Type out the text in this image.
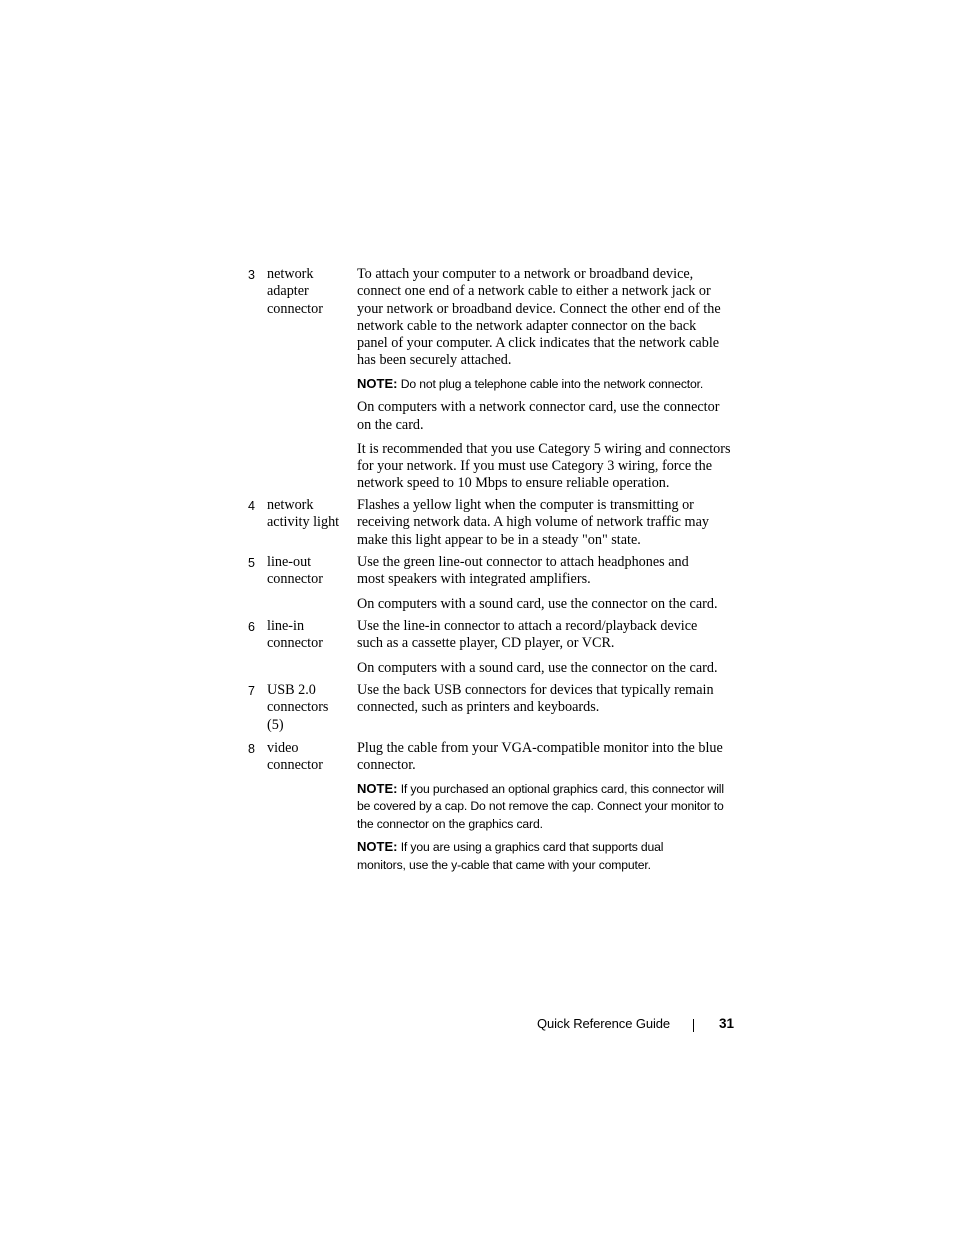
3 network
adapter
connector

To attach your computer to a network or broadband device, connect one end of a network cable to either a network jack or your network or broadband device. Connect the other end of the network cable to the network adapter connector on the back panel of your computer. A click indicates that the network cable has been securely attached.

NOTE: Do not plug a telephone cable into the network connector.

On computers with a network connector card, use the connector on the card.

It is recommended that you use Category 5 wiring and connectors for your network. If you must use Category 3 wiring, force the network speed to 10 Mbps to ensure reliable operation.

4 network
activity light

Flashes a yellow light when the computer is transmitting or receiving network data. A high volume of network traffic may make this light appear to be in a steady "on" state.

5 line-out
connector

Use the green line-out connector to attach headphones and most speakers with integrated amplifiers.

On computers with a sound card, use the connector on the card.

6 line-in
connector

Use the line-in connector to attach a record/playback device such as a cassette player, CD player, or VCR.

On computers with a sound card, use the connector on the card.

7 USB 2.0
connectors
(5)

Use the back USB connectors for devices that typically remain connected, such as printers and keyboards.

8 video
connector

Plug the cable from your VGA-compatible monitor into the blue connector.

NOTE: If you purchased an optional graphics card, this connector will be covered by a cap. Do not remove the cap. Connect your monitor to the connector on the graphics card.

NOTE: If you are using a graphics card that supports dual monitors, use the y-cable that came with your computer.

Quick Reference Guide	31
